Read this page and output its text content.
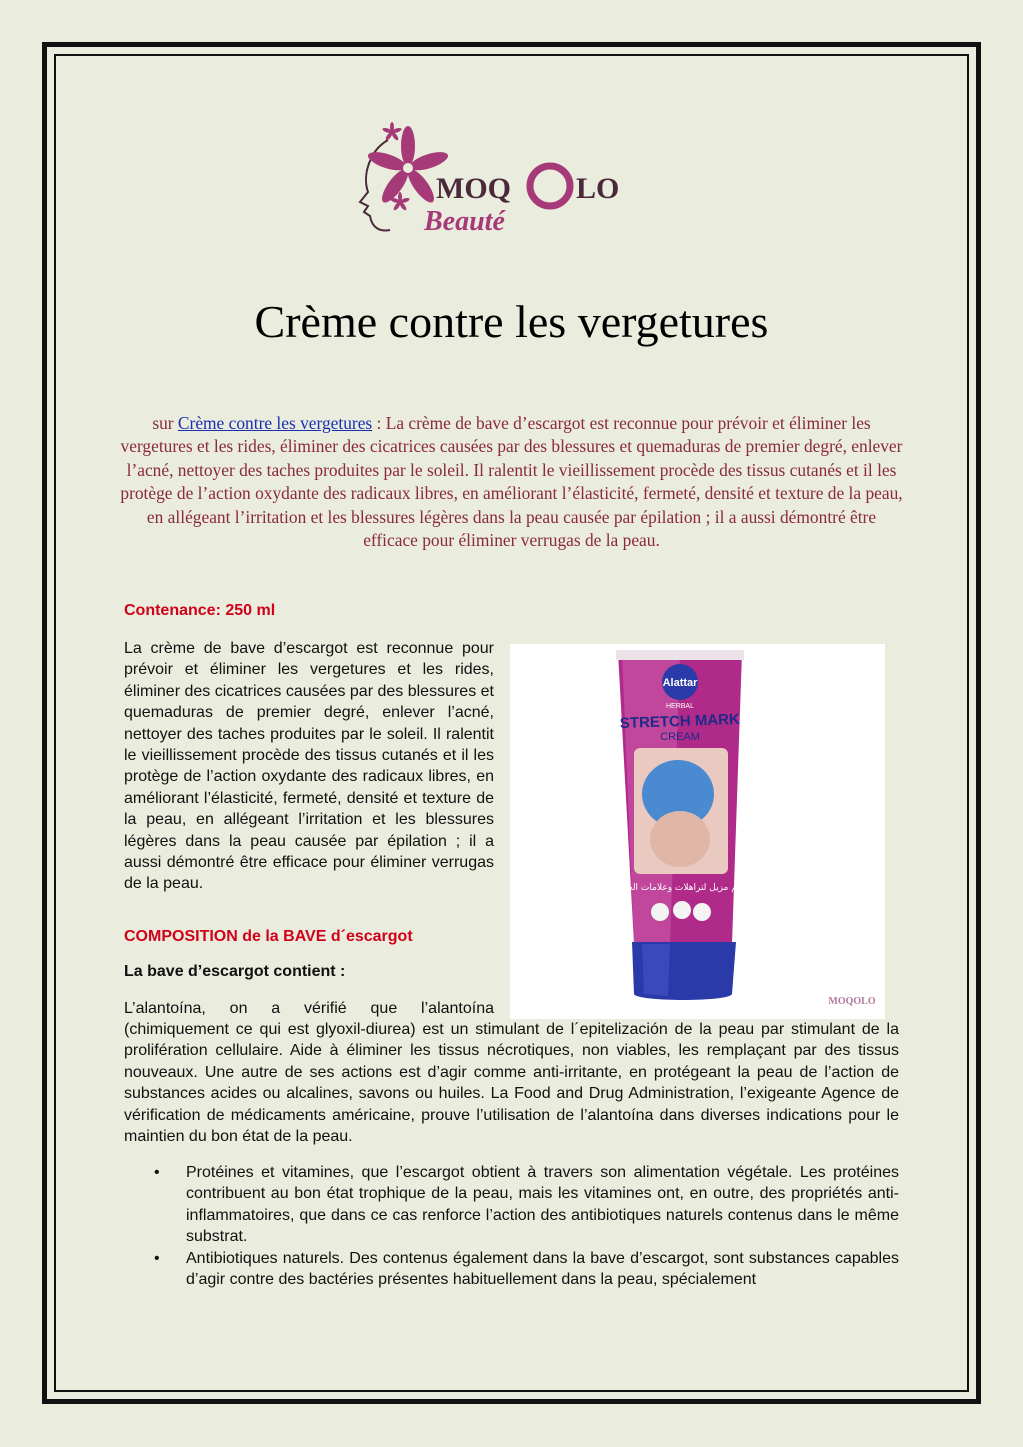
MOQ LO
Beauté
Crème contre les vergetures

sur Crème contre les vergetures : La crème de bave d’escargot est reconnue pour prévoir et éliminer les vergetures et les rides, éliminer des cicatrices causées par des blessures et quemaduras de premier degré, enlever l’acné, nettoyer des taches produites par le soleil. Il ralentit le vieillissement procède des tissus cutanés et il les protège de l’action oxydante des radicaux libres, en améliorant l’élasticité, fermeté, densité et texture de la peau, en allégeant l’irritation et les blessures légères dans la peau causée par épilation ; il a aussi démontré être efficace pour éliminer verrugas de la peau.

Contenance: 250 ml

La crème de bave d’escargot est reconnue pour prévoir et éliminer les vergetures et les rides, éliminer des cicatrices causées par des blessures et quemaduras de premier degré, enlever l’acné, nettoyer des taches produites par le soleil. Il ralentit le vieillissement procède des tissus cutanés et il les protège de l’action oxydante des radicaux libres, en améliorant l’élasticité, fermeté, densité et texture de la peau, en allégeant l’irritation et les blessures légères dans la peau causée par épilation ; il a aussi démontré être efficace pour éliminer verrugas de la peau.

Alattar
HERBAL
STRETCH MARK
CREAM
كريم مزيل لتراهلات وعلامات الحمل
MOQOLO

COMPOSITION de la BAVE d´escargot

La bave d’escargot contient :

L’alantoína, on a vérifié que l’alantoína

(chimiquement ce qui est glyoxil-diurea) est un stimulant de l´epitelización de la peau par stimulant de la prolifération cellulaire. Aide à éliminer les tissus nécrotiques, non viables, les remplaçant par des tissus nouveaux. Une autre de ses actions est d’agir comme anti-irritante, en protégeant la peau de l’action de substances acides ou alcalines, savons ou huiles. La Food and Drug Administration, l’exigeante Agence de vérification de médicaments américaine, prouve l’utilisation de l’alantoína dans diverses indications pour le maintien du bon état de la peau.

• Protéines et vitamines, que l’escargot obtient à travers son alimentation végétale. Les protéines contribuent au bon état trophique de la peau, mais les vitamines ont, en outre, des propriétés anti-inflammatoires, que dans ce cas renforce l’action des antibiotiques naturels contenus dans le même substrat.
• Antibiotiques naturels. Des contenus également dans la bave d’escargot, sont substances capables d’agir contre des bactéries présentes habituellement dans la peau, spécialement
